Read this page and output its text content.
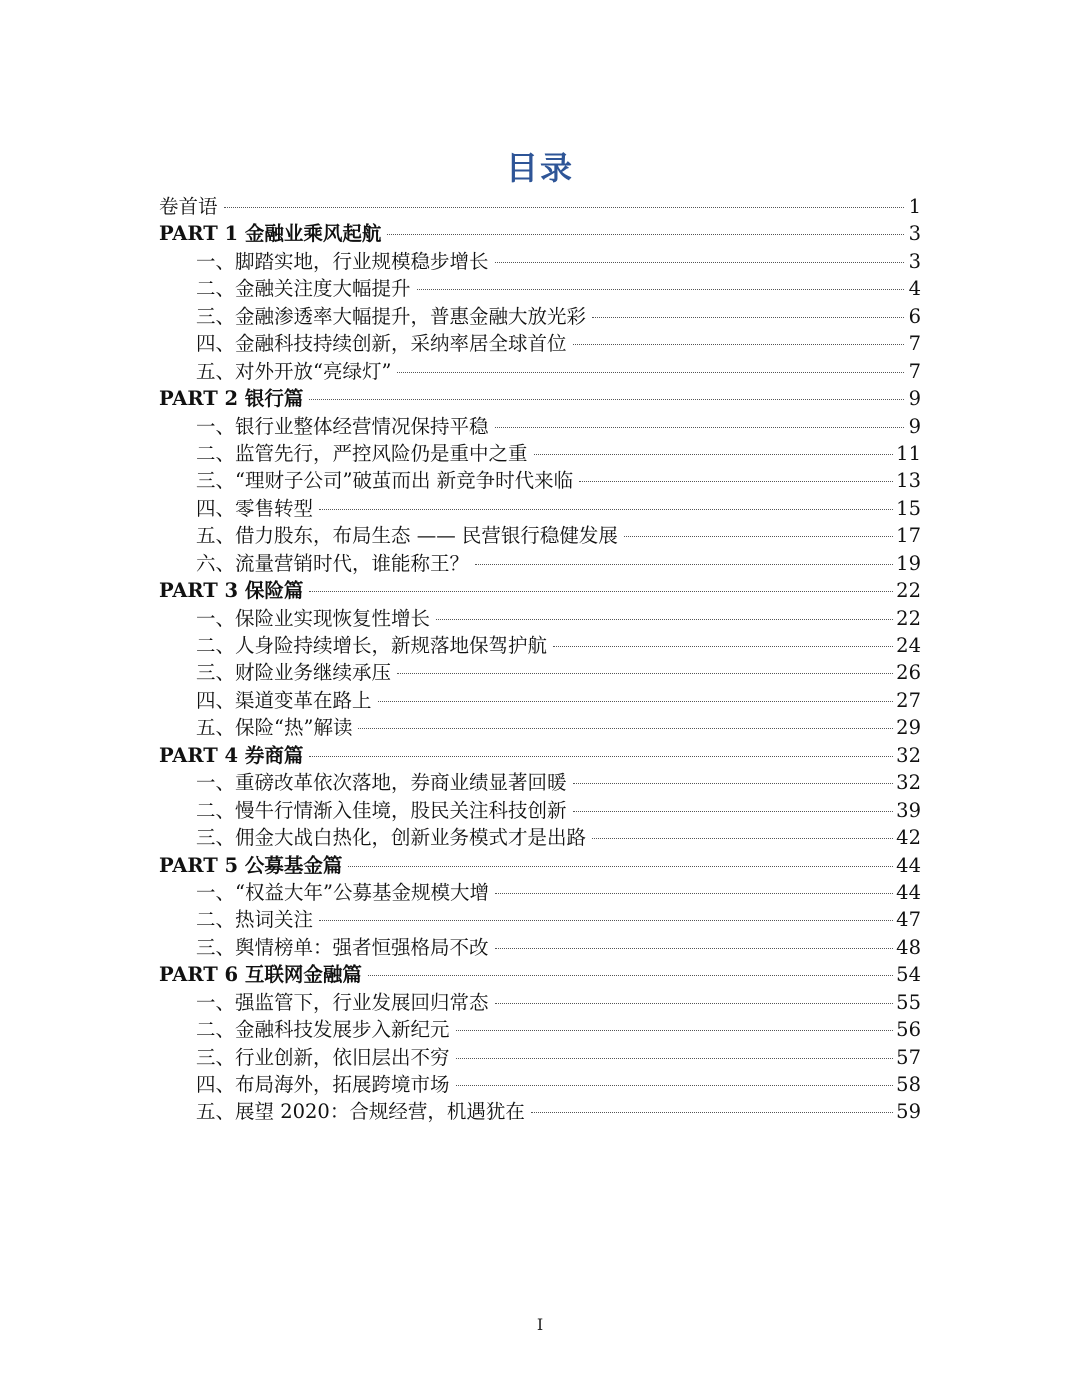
目录
卷首语	1
PART 1 金融业乘风起航	3
一、脚踏实地，行业规模稳步增长	3
二、金融关注度大幅提升	4
三、金融渗透率大幅提升，普惠金融大放光彩	6
四、金融科技持续创新，采纳率居全球首位	7
五、对外开放“亮绿灯”	7
PART 2 银行篇	9
一、银行业整体经营情况保持平稳	9
二、监管先行，严控风险仍是重中之重	11
三、“理财子公司”破茧而出 新竞争时代来临	13
四、零售转型	15
五、借力股东，布局生态 —— 民营银行稳健发展	17
六、流量营销时代，谁能称王？	19
PART 3 保险篇	22
一、保险业实现恢复性增长	22
二、人身险持续增长，新规落地保驾护航	24
三、财险业务继续承压	26
四、渠道变革在路上	27
五、保险“热”解读	29
PART 4 券商篇	32
一、重磅改革依次落地，券商业绩显著回暖	32
二、慢牛行情渐入佳境，股民关注科技创新	39
三、佣金大战白热化，创新业务模式才是出路	42
PART 5 公募基金篇	44
一、“权益大年”公募基金规模大增	44
二、热词关注	47
三、舆情榜单：强者恒强格局不改	48
PART 6 互联网金融篇	54
一、强监管下，行业发展回归常态	55
二、金融科技发展步入新纪元	56
三、行业创新，依旧层出不穷	57
四、布局海外，拓展跨境市场	58
五、展望 2020：合规经营，机遇犹在	59
I
